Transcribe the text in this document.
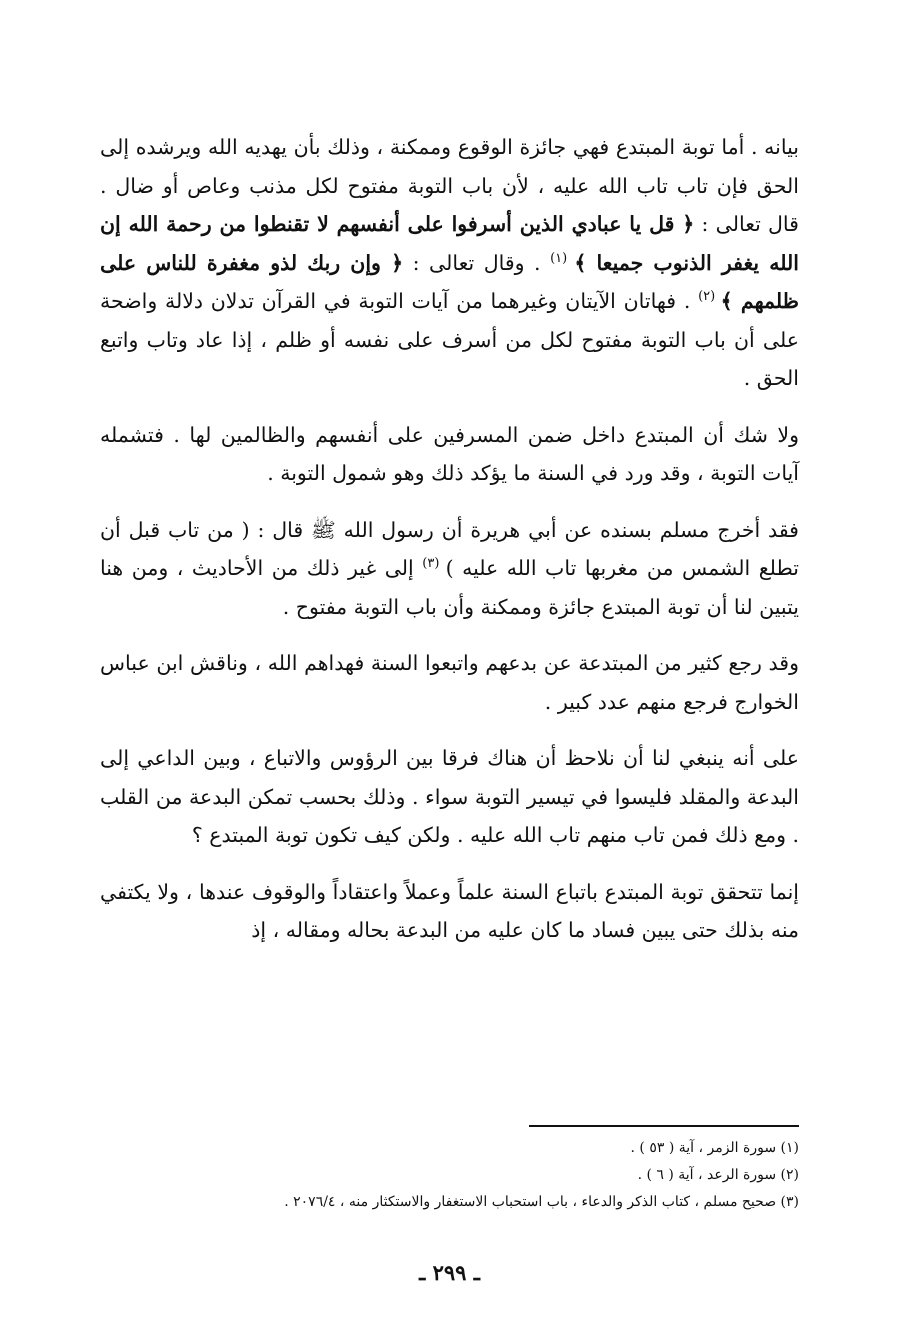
بيانه . أما توبة المبتدع فهي جائزة الوقوع وممكنة ، وذلك بأن يهديه الله ويرشده إلى الحق فإن تاب تاب الله عليه ، لأن باب التوبة مفتوح لكل مذنب وعاص أو ضال . قال تعالى : ﴿ قل يا عبادي الذين أسرفوا على أنفسهم لا تقنطوا من رحمة الله إن الله يغفر الذنوب جميعا ﴾ $^{(١)}$ . وقال تعالى : ﴿ وإن ربك لذو مغفرة للناس على ظلمهم ﴾ $^{(٢)}$ . فهاتان الآيتان وغيرهما من آيات التوبة في القرآن تدلان دلالة واضحة على أن باب التوبة مفتوح لكل من أسرف على نفسه أو ظلم ، إذا عاد وتاب واتبع الحق .

ولا شك أن المبتدع داخل ضمن المسرفين على أنفسهم والظالمين لها . فتشمله آيات التوبة ، وقد ورد في السنة ما يؤكد ذلك وهو شمول التوبة .

فقد أخرج مسلم بسنده عن أبي هريرة أن رسول الله ﷺ قال : ( من تاب قبل أن تطلع الشمس من مغربها تاب الله عليه ) $^{(٣)}$ إلى غير ذلك من الأحاديث ، ومن هنا يتبين لنا أن توبة المبتدع جائزة وممكنة وأن باب التوبة مفتوح .

وقد رجع كثير من المبتدعة عن بدعهم واتبعوا السنة فهداهم الله ، وناقش ابن عباس الخوارج فرجع منهم عدد كبير .

على أنه ينبغي لنا أن نلاحظ أن هناك فرقا بين الرؤوس والاتباع ، وبين الداعي إلى البدعة والمقلد فليسوا في تيسير التوبة سواء . وذلك بحسب تمكن البدعة من القلب . ومع ذلك فمن تاب منهم تاب الله عليه . ولكن كيف تكون توبة المبتدع ؟

إنما تتحقق توبة المبتدع باتباع السنة علماً وعملاً واعتقاداً والوقوف عندها ، ولا يكتفي منه بذلك حتى يبين فساد ما كان عليه من البدعة بحاله ومقاله ، إذ

(١) سورة الزمر ، آية ( ٥٣ ) .

(٢) سورة الرعد ، آية ( ٦ ) .

(٣) صحيح مسلم ، كتاب الذكر والدعاء ، باب استحباب الاستغفار والاستكثار منه ، ٢٠٧٦/٤ .

ـ ٢٩٩ ـ
